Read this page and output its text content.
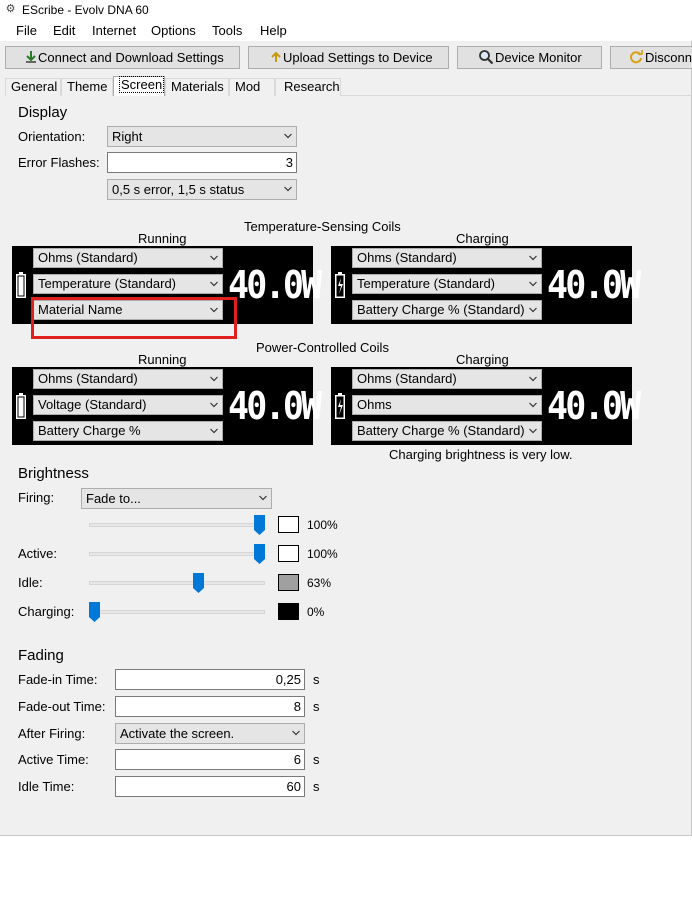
⚙ EScribe - Evolv DNA 60
File Edit Internet Options Tools Help
Connect and Download Settings	Upload Settings to Device	Device Monitor	Disconn
General Theme	Screen Materials Mod	Research
Display
Orientation:	Right
Error Flashes:	3
0,5 s error, 1,5 s status
Temperature-Sensing Coils
Running	Charging
Ohms (Standard)
Temperature (Standard)
Material Name
40.0W
Ohms (Standard)
Temperature (Standard)
Battery Charge % (Standard)
40.0W
Power-Controlled Coils
Running	Charging
Ohms (Standard)
Voltage (Standard)
Battery Charge %
40.0W
Ohms (Standard)
Ohms
Battery Charge % (Standard)
40.0W
Charging brightness is very low.
Brightness
Firing:	Fade to...
100%
Active:	100%
Idle:	63%
Charging:	0%
Fading
Fade-in Time:	0,25 s
Fade-out Time:	8 s
After Firing:	Activate the screen.
Active Time:	6 s
Idle Time:	60 s
